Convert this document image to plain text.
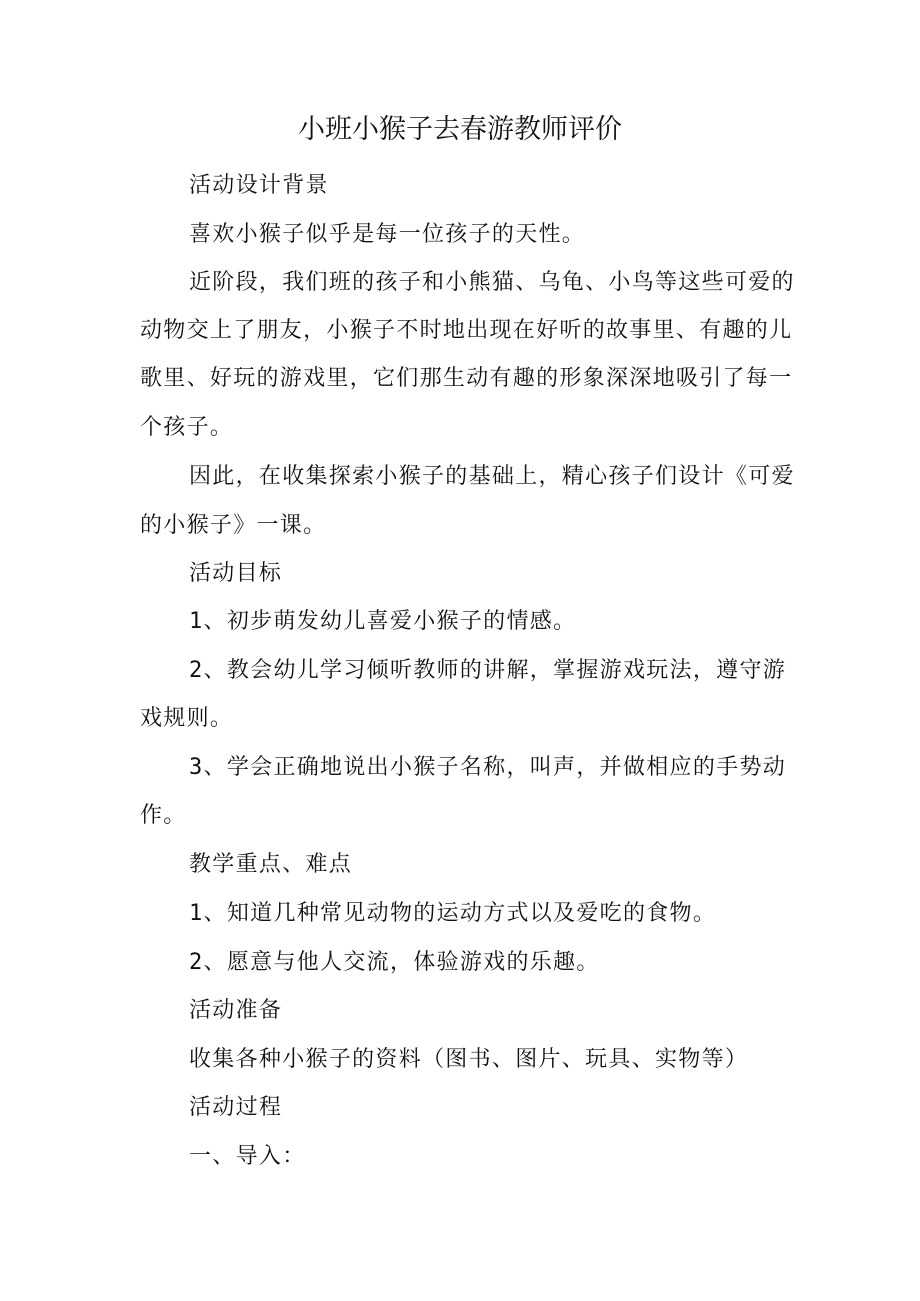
小班小猴子去春游教师评价
活动设计背景
喜欢小猴子似乎是每一位孩子的天性。
近阶段，我们班的孩子和小熊猫、乌龟、小鸟等这些可爱的
动物交上了朋友，小猴子不时地出现在好听的故事里、有趣的儿
歌里、好玩的游戏里，它们那生动有趣的形象深深地吸引了每一
个孩子。
因此，在收集探索小猴子的基础上，精心孩子们设计《可爱
的小猴子》一课。
活动目标
1、初步萌发幼儿喜爱小猴子的情感。
2、教会幼儿学习倾听教师的讲解，掌握游戏玩法，遵守游
戏规则。
3、学会正确地说出小猴子名称，叫声，并做相应的手势动
作。
教学重点、难点
1、知道几种常见动物的运动方式以及爱吃的食物。
2、愿意与他人交流，体验游戏的乐趣。
活动准备
收集各种小猴子的资料（图书、图片、玩具、实物等）
活动过程
一、导入：
